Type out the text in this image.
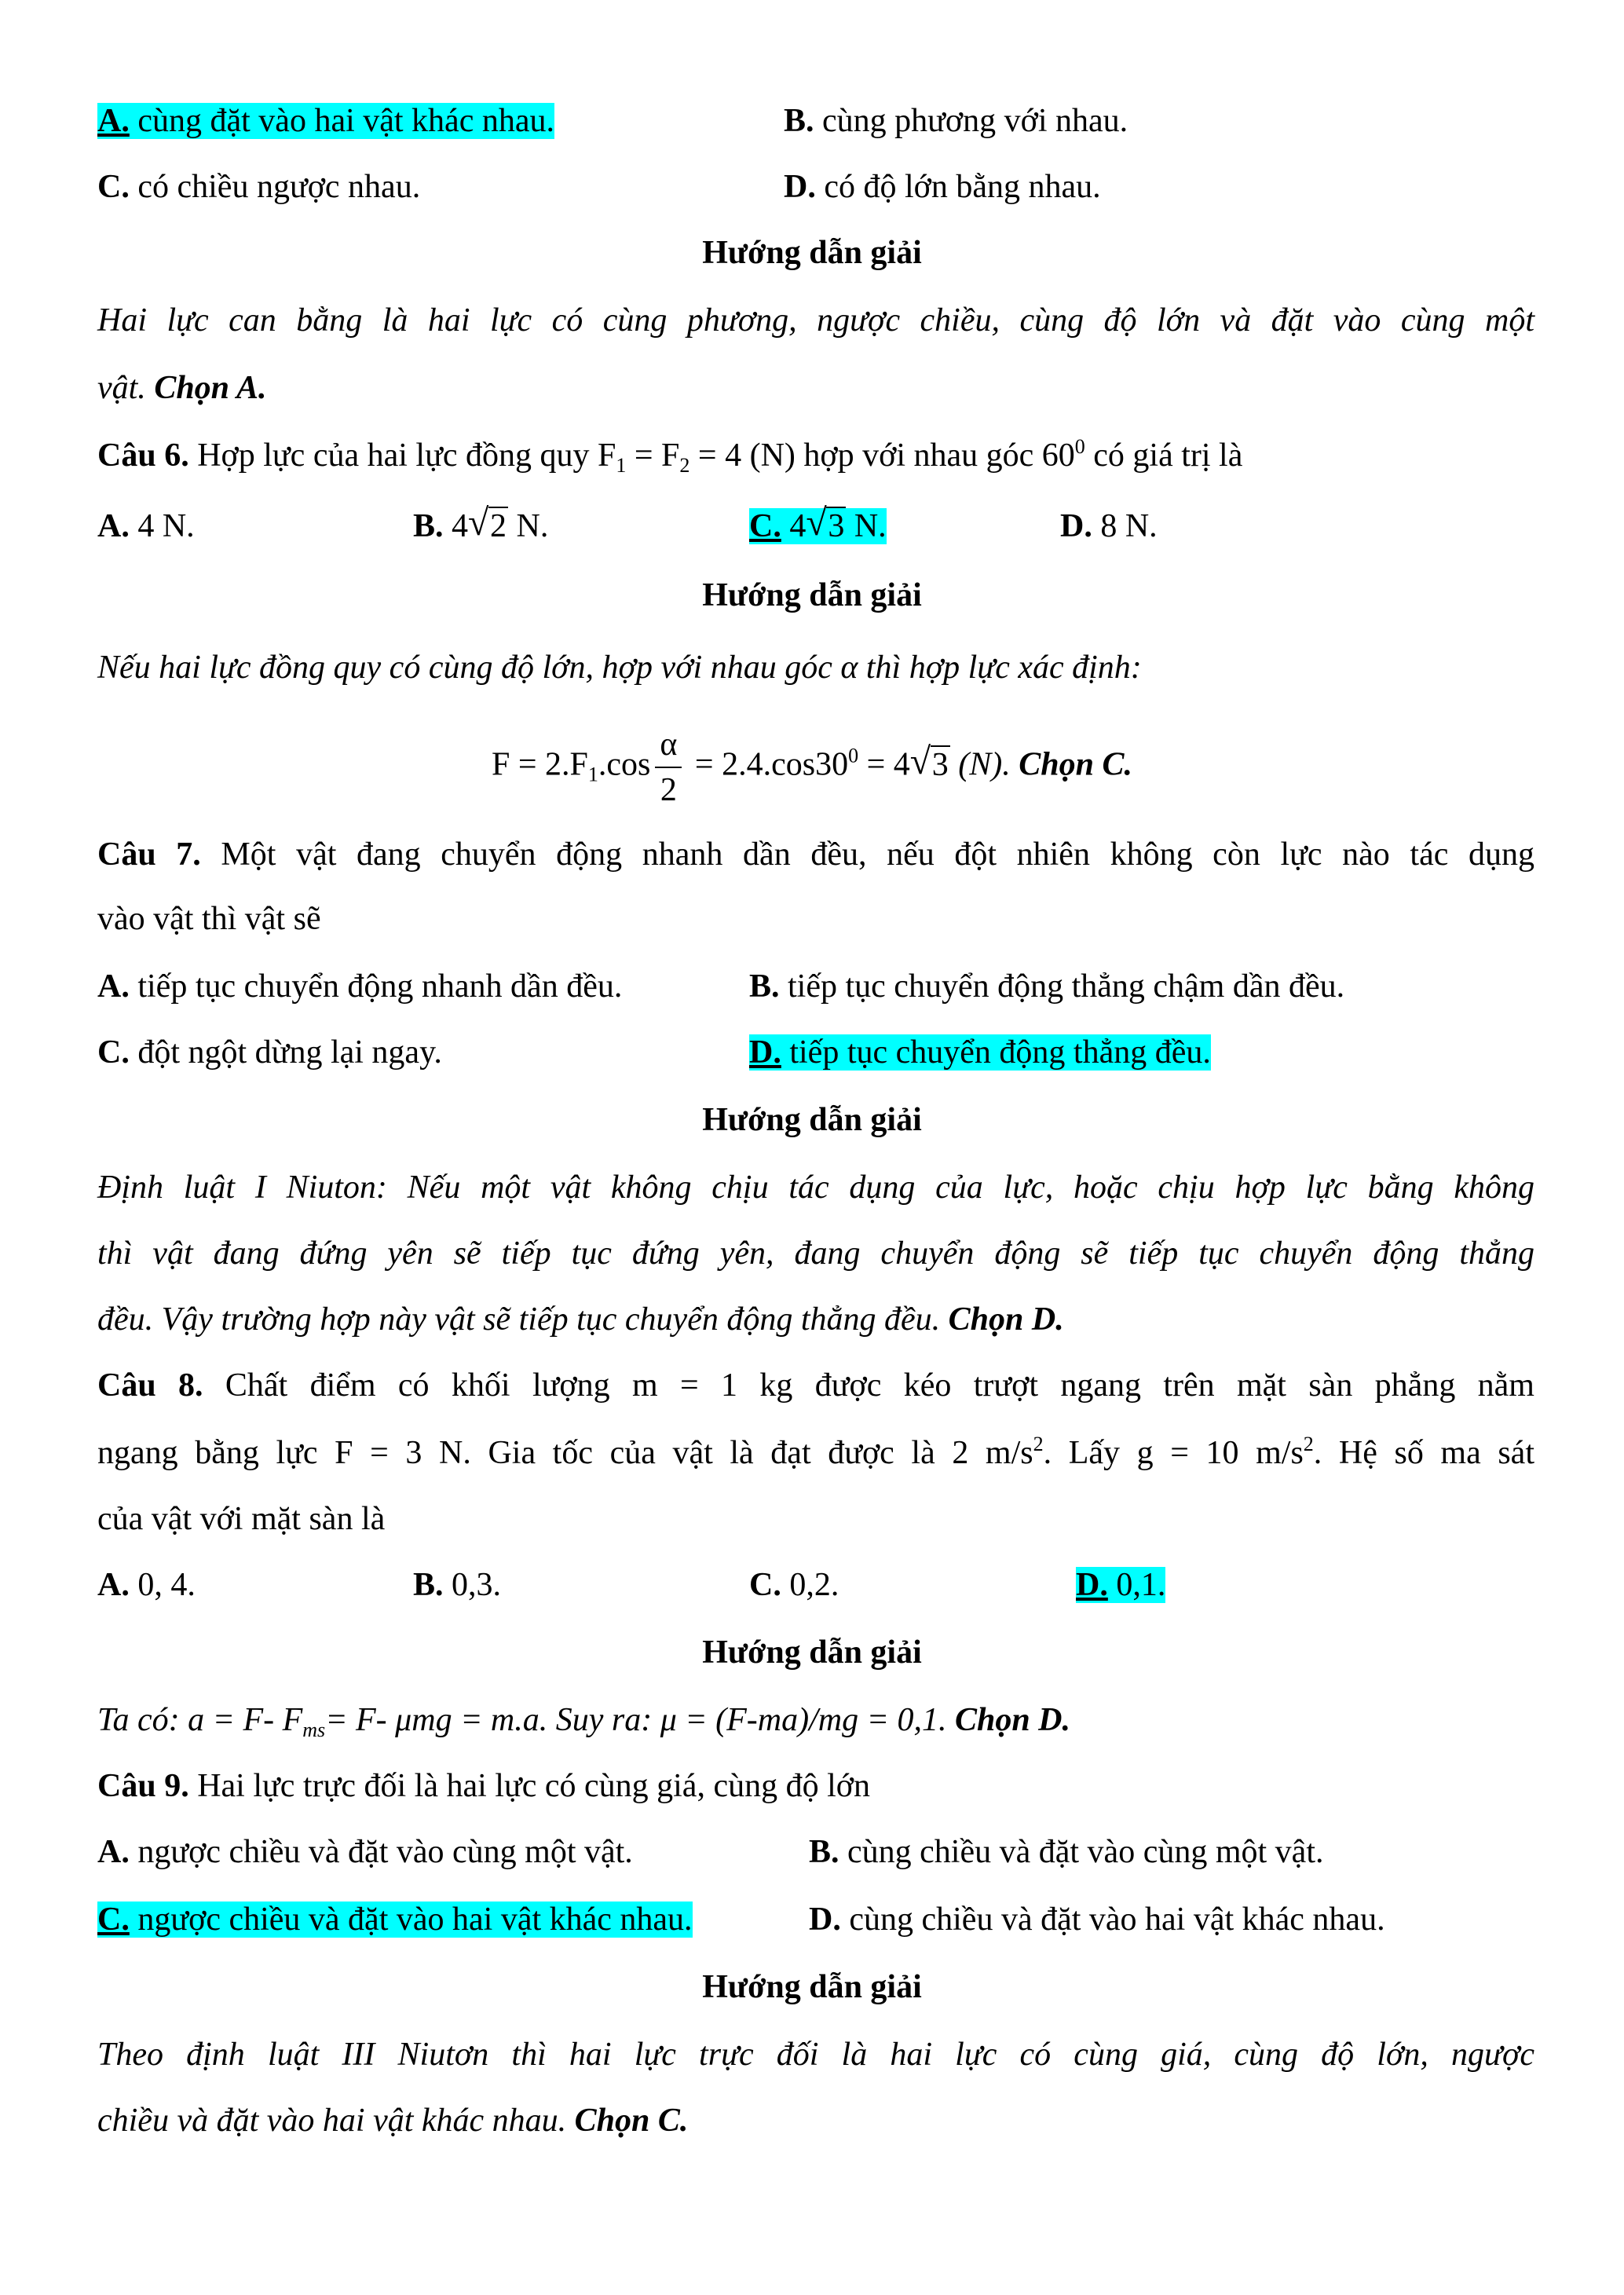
A. cùng đặt vào hai vật khác nhau.	B. cùng phương với nhau.
C. có chiều ngược nhau.	D. có độ lớn bằng nhau.
Hướng dẫn giải
Hai lực can bằng là hai lực có cùng phương, ngược chiều, cùng độ lớn và đặt vào cùng một
vật. Chọn A.
Câu 6. Hợp lực của hai lực đồng quy $F_1 = F_2 = 4$ (N) hợp với nhau góc $60^0$ có giá trị là
A. 4 N.	B. 4 √ 2 N.	C. 4 √ 3 N.	D. 8 N.
Hướng dẫn giải
Nếu hai lực đồng quy có cùng độ lớn, hợp với nhau góc α thì hợp lực xác định:
$F = 2.F_1.\cos \frac{\alpha}{2} = 2.4.\cos 30^0 = 4$ √ 3 (N). Chọn C.
Câu 7. Một vật đang chuyển động nhanh dần đều, nếu đột nhiên không còn lực nào tác dụng
vào vật thì vật sẽ
A. tiếp tục chuyển động nhanh dần đều.	B. tiếp tục chuyển động thẳng chậm dần đều.
C. đột ngột dừng lại ngay.	D. tiếp tục chuyển động thẳng đều.
Hướng dẫn giải
Định luật I Niuton: Nếu một vật không chịu tác dụng của lực, hoặc chịu hợp lực bằng không
thì vật đang đứng yên sẽ tiếp tục đứng yên, đang chuyển động sẽ tiếp tục chuyển động thẳng
đều. Vậy trường hợp này vật sẽ tiếp tục chuyển động thẳng đều. Chọn D.
Câu 8. Chất điểm có khối lượng m = 1 kg được kéo trượt ngang trên mặt sàn phẳng nằm
ngang bằng lực F = 3 N. Gia tốc của vật là đạt được là 2 $m/s^2$. Lấy g = 10 $m/s^2$. Hệ số ma sát
của vật với mặt sàn là
A. 0, 4.	B. 0,3.	C. 0,2.	D. 0,1.
Hướng dẫn giải
Ta có: a = F- $F_{ms}= F-$ μmg = m.a. Suy ra: μ = (F-ma)/mg = 0,1. Chọn D.
Câu 9. Hai lực trực đối là hai lực có cùng giá, cùng độ lớn
A. ngược chiều và đặt vào cùng một vật.	B. cùng chiều và đặt vào cùng một vật.
C. ngược chiều và đặt vào hai vật khác nhau.	D. cùng chiều và đặt vào hai vật khác nhau.
Hướng dẫn giải
Theo định luật III Niutơn thì hai lực trực đối là hai lực có cùng giá, cùng độ lớn, ngược
chiều và đặt vào hai vật khác nhau. Chọn C.
